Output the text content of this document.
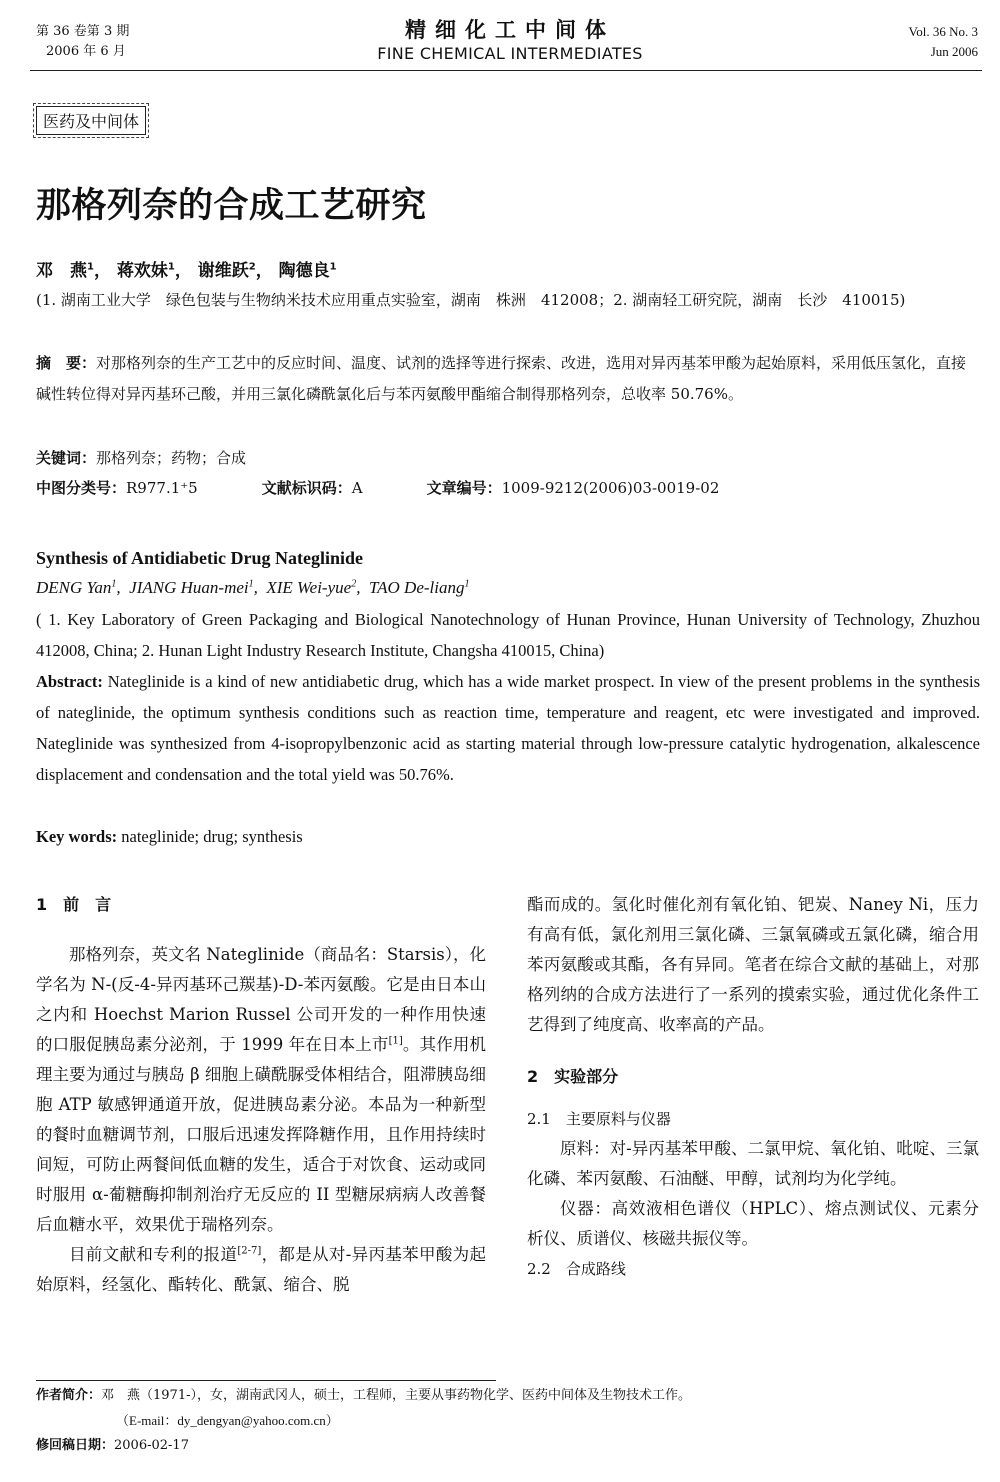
第 36 卷第 3 期
2006 年 6 月
精细化工中间体
FINE CHEMICAL INTERMEDIATES
Vol. 36 No. 3
Jun 2006
医药及中间体
那格列奈的合成工艺研究
邓　燕$^1$， 蒋欢妹$^1$， 谢维跃$^2$， 陶德良$^1$
(1. 湖南工业大学　绿色包装与生物纳米技术应用重点实验室，湖南　株洲　412008；2. 湖南轻工研究院，湖南　长沙　410015)
摘　要：对那格列奈的生产工艺中的反应时间、温度、试剂的选择等进行探索、改进，选用对异丙基苯甲酸为起始原料，采用低压氢化，直接碱性转位得对异丙基环己酸，并用三氯化磷酰氯化后与苯丙氨酸甲酯缩合制得那格列奈，总收率 50.76%。
关键词：那格列奈；药物；合成
中图分类号：R977.1⁺5	文献标识码：A	文章编号：1009-9212(2006)03-0019-02
Synthesis of Antidiabetic Drug Nateglinide
DENG Yan$^1$,  JIANG Huan-mei$^1$,  XIE Wei-yue$^2$,  TAO De-liang$^1$
( 1. Key Laboratory of Green Packaging and Biological Nanotechnology of Hunan Province, Hunan University of Technology, Zhuzhou 412008, China; 2. Hunan Light Industry Research Institute, Changsha 410015, China)
Abstract: Nateglinide is a kind of new antidiabetic drug, which has a wide market prospect. In view of the present problems in the synthesis of nateglinide, the optimum synthesis conditions such as reaction time, temperature and reagent, etc were investigated and improved. Nateglinide was synthesized from 4-isopropylbenzonic acid as starting material through low-pressure catalytic hydrogenation, alkalescence displacement and condensation and the total yield was 50.76%.
Key words: nateglinide; drug; synthesis
1　前　言

那格列奈，英文名 Nateglinide（商品名：Starsis），化学名为 N-(反-4-异丙基环己羰基)-D-苯丙氨酸。它是由日本山之内和 Hoechst Marion Russel 公司开发的一种作用快速的口服促胰岛素分泌剂，于 1999 年在日本上市[1]。其作用机理主要为通过与胰岛 β 细胞上磺酰脲受体相结合，阻滞胰岛细胞 ATP 敏感钾通道开放，促进胰岛素分泌。本品为一种新型的餐时血糖调节剂，口服后迅速发挥降糖作用，且作用持续时间短，可防止两餐间低血糖的发生，适合于对饮食、运动或同时服用 α-葡糖酶抑制剂治疗无反应的 II 型糖尿病病人改善餐后血糖水平，效果优于瑞格列奈。

目前文献和专利的报道[2-7]，都是从对-异丙基苯甲酸为起始原料，经氢化、酯转化、酰氯、缩合、脱

酯而成的。氢化时催化剂有氧化铂、钯炭、Naney Ni，压力有高有低，氯化剂用三氯化磷、三氯氧磷或五氯化磷，缩合用苯丙氨酸或其酯，各有异同。笔者在综合文献的基础上，对那格列纳的合成方法进行了一系列的摸索实验，通过优化条件工艺得到了纯度高、收率高的产品。

2　实验部分
2.1　主要原料与仪器

原料：对-异丙基苯甲酸、二氯甲烷、氧化铂、吡啶、三氯化磷、苯丙氨酸、石油醚、甲醇，试剂均为化学纯。

仪器：高效液相色谱仪（HPLC）、熔点测试仪、元素分析仪、质谱仪、核磁共振仪等。

2.2　合成路线
作者简介：邓　燕（1971-），女，湖南武冈人，硕士，工程师，主要从事药物化学、医药中间体及生物技术工作。
（E-mail：dy_dengyan@yahoo.com.cn）
修回稿日期：2006-02-17
